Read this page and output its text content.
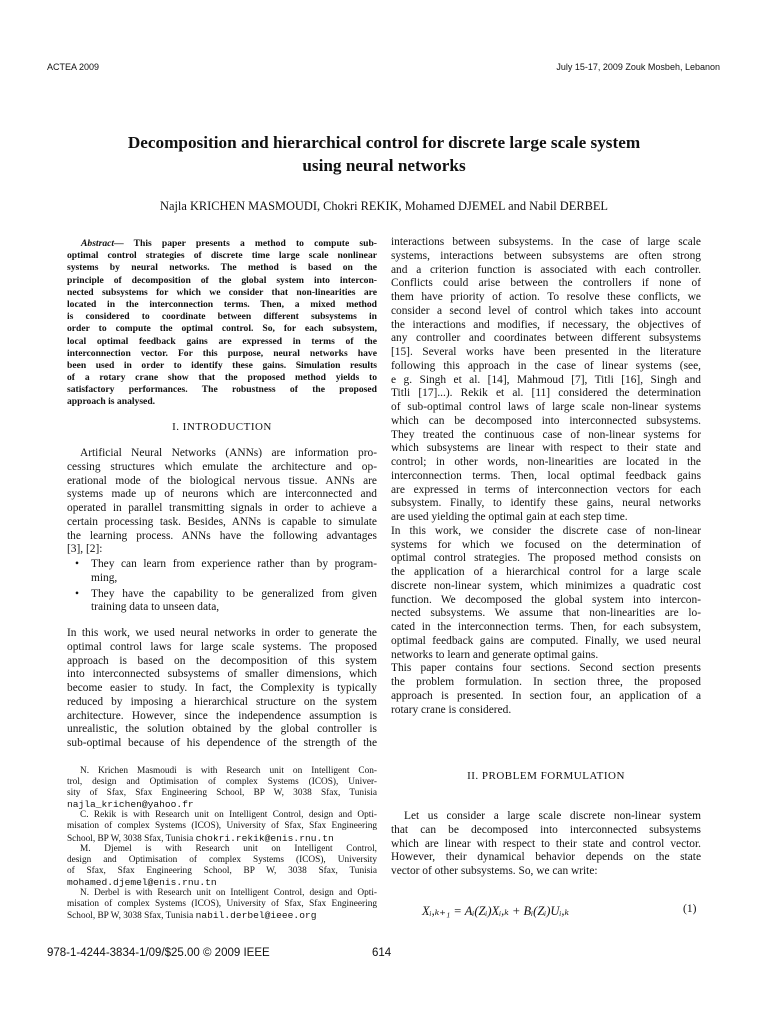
ACTEA 2009	July 15-17, 2009 Zouk Mosbeh, Lebanon
Decomposition and hierarchical control for discrete large scale system
using neural networks
Najla KRICHEN MASMOUDI, Chokri REKIK, Mohamed DJEMEL and Nabil DERBEL
Abstract— This paper presents a method to compute sub-
optimal control strategies of discrete time large scale nonlinear
systems by neural networks. The method is based on the
principle of decomposition of the global system into intercon-
nected subsystems for which we consider that non-linearities are
located in the interconnection terms. Then, a mixed method
is considered to coordinate between different subsystems in
order to compute the optimal control. So, for each subsystem,
local optimal feedback gains are expressed in terms of the
interconnection vector. For this purpose, neural networks have
been used in order to identify these gains. Simulation results
of a rotary crane show that the proposed method yields to
satisfactory performances. The robustness of the proposed
approach is analysed.
I. INTRODUCTION
Artificial Neural Networks (ANNs) are information pro-
cessing structures which emulate the architecture and op-
erational mode of the biological nervous tissue. ANNs are
systems made up of neurons which are interconnected and
operated in parallel transmitting signals in order to achieve a
certain processing task. Besides, ANNs is capable to simulate
the learning process. ANNs have the following advantages
[3], [2]:
• They can learn from experience rather than by program-
ming,
• They have the capability to be generalized from given
training data to unseen data,
In this work, we used neural networks in order to generate the
optimal control laws for large scale systems. The proposed
approach is based on the decomposition of this system
into interconnected subsystems of smaller dimensions, which
become easier to study. In fact, the Complexity is typically
reduced by imposing a hierarchical structure on the system
architecture. However, since the independence assumption is
unrealistic, the solution obtained by the global controller is
sub-optimal because of his dependence of the strength of the
N. Krichen Masmoudi is with Research unit on Intelligent Con-
trol, design and Optimisation of complex Systems (ICOS), Univer-
sity of Sfax, Sfax Engineering School, BP W, 3038 Sfax, Tunisia
najla_krichen@yahoo.fr
C. Rekik is with Research unit on Intelligent Control, design and Opti-
misation of complex Systems (ICOS), University of Sfax, Sfax Engineering
School, BP W, 3038 Sfax, Tunisia chokri.rekik@enis.rnu.tn
M. Djemel is with Research unit on Intelligent Control,
design and Optimisation of complex Systems (ICOS), University
of Sfax, Sfax Engineering School, BP W, 3038 Sfax, Tunisia
mohamed.djemel@enis.rnu.tn
N. Derbel is with Research unit on Intelligent Control, design and Opti-
misation of complex Systems (ICOS), University of Sfax, Sfax Engineering
School, BP W, 3038 Sfax, Tunisia nabil.derbel@ieee.org
interactions between subsystems. In the case of large scale
systems, interactions between subsystems are often strong
and a criterion function is associated with each controller.
Conflicts could arise between the controllers if none of
them have priority of action. To resolve these conflicts, we
consider a second level of control which takes into account
the interactions and modifies, if necessary, the objectives of
any controller and coordinates between different subsystems
[15]. Several works have been presented in the literature
following this approach in the case of linear systems (see,
e g. Singh et al. [14], Mahmoud [7], Titli [16], Singh and
Titli [17]...). Rekik et al. [11] considered the determination
of sub-optimal control laws of large scale non-linear systems
which can be decomposed into interconnected subsystems.
They treated the continuous case of non-linear systems for
which subsystems are linear with respect to their state and
control; in other words, non-linearities are located in the
interconnection terms. Then, local optimal feedback gains
are expressed in terms of interconnection vectors for each
subsystem. Finally, to identify these gains, neural networks
are used yielding the optimal gain at each step time.
In this work, we consider the discrete case of non-linear
systems for which we focused on the determination of
optimal control strategies. The proposed method consists on
the application of a hierarchical control for a large scale
discrete non-linear system, which minimizes a quadratic cost
function. We decomposed the global system into intercon-
nected subsystems. We assume that non-linearities are lo-
cated in the interconnection terms. Then, for each subsystem,
optimal feedback gains are computed. Finally, we used neural
networks to learn and generate optimal gains.
This paper contains four sections. Second section presents
the problem formulation. In section three, the proposed
approach is presented. In section four, an application of a
rotary crane is considered.
II. PROBLEM FORMULATION
Let us consider a large scale discrete non-linear system
that can be decomposed into interconnected subsystems
which are linear with respect to their state and control vector.
However, their dynamical behavior depends on the state
vector of other subsystems. So, we can write:
Xᵢ,ₖ₊₁ = Aᵢ(Zᵢ)Xᵢ,ₖ + Bᵢ(Zᵢ)Uᵢ,ₖ	(1)
978-1-4244-3834-1/09/$25.00 © 2009 IEEE	614
